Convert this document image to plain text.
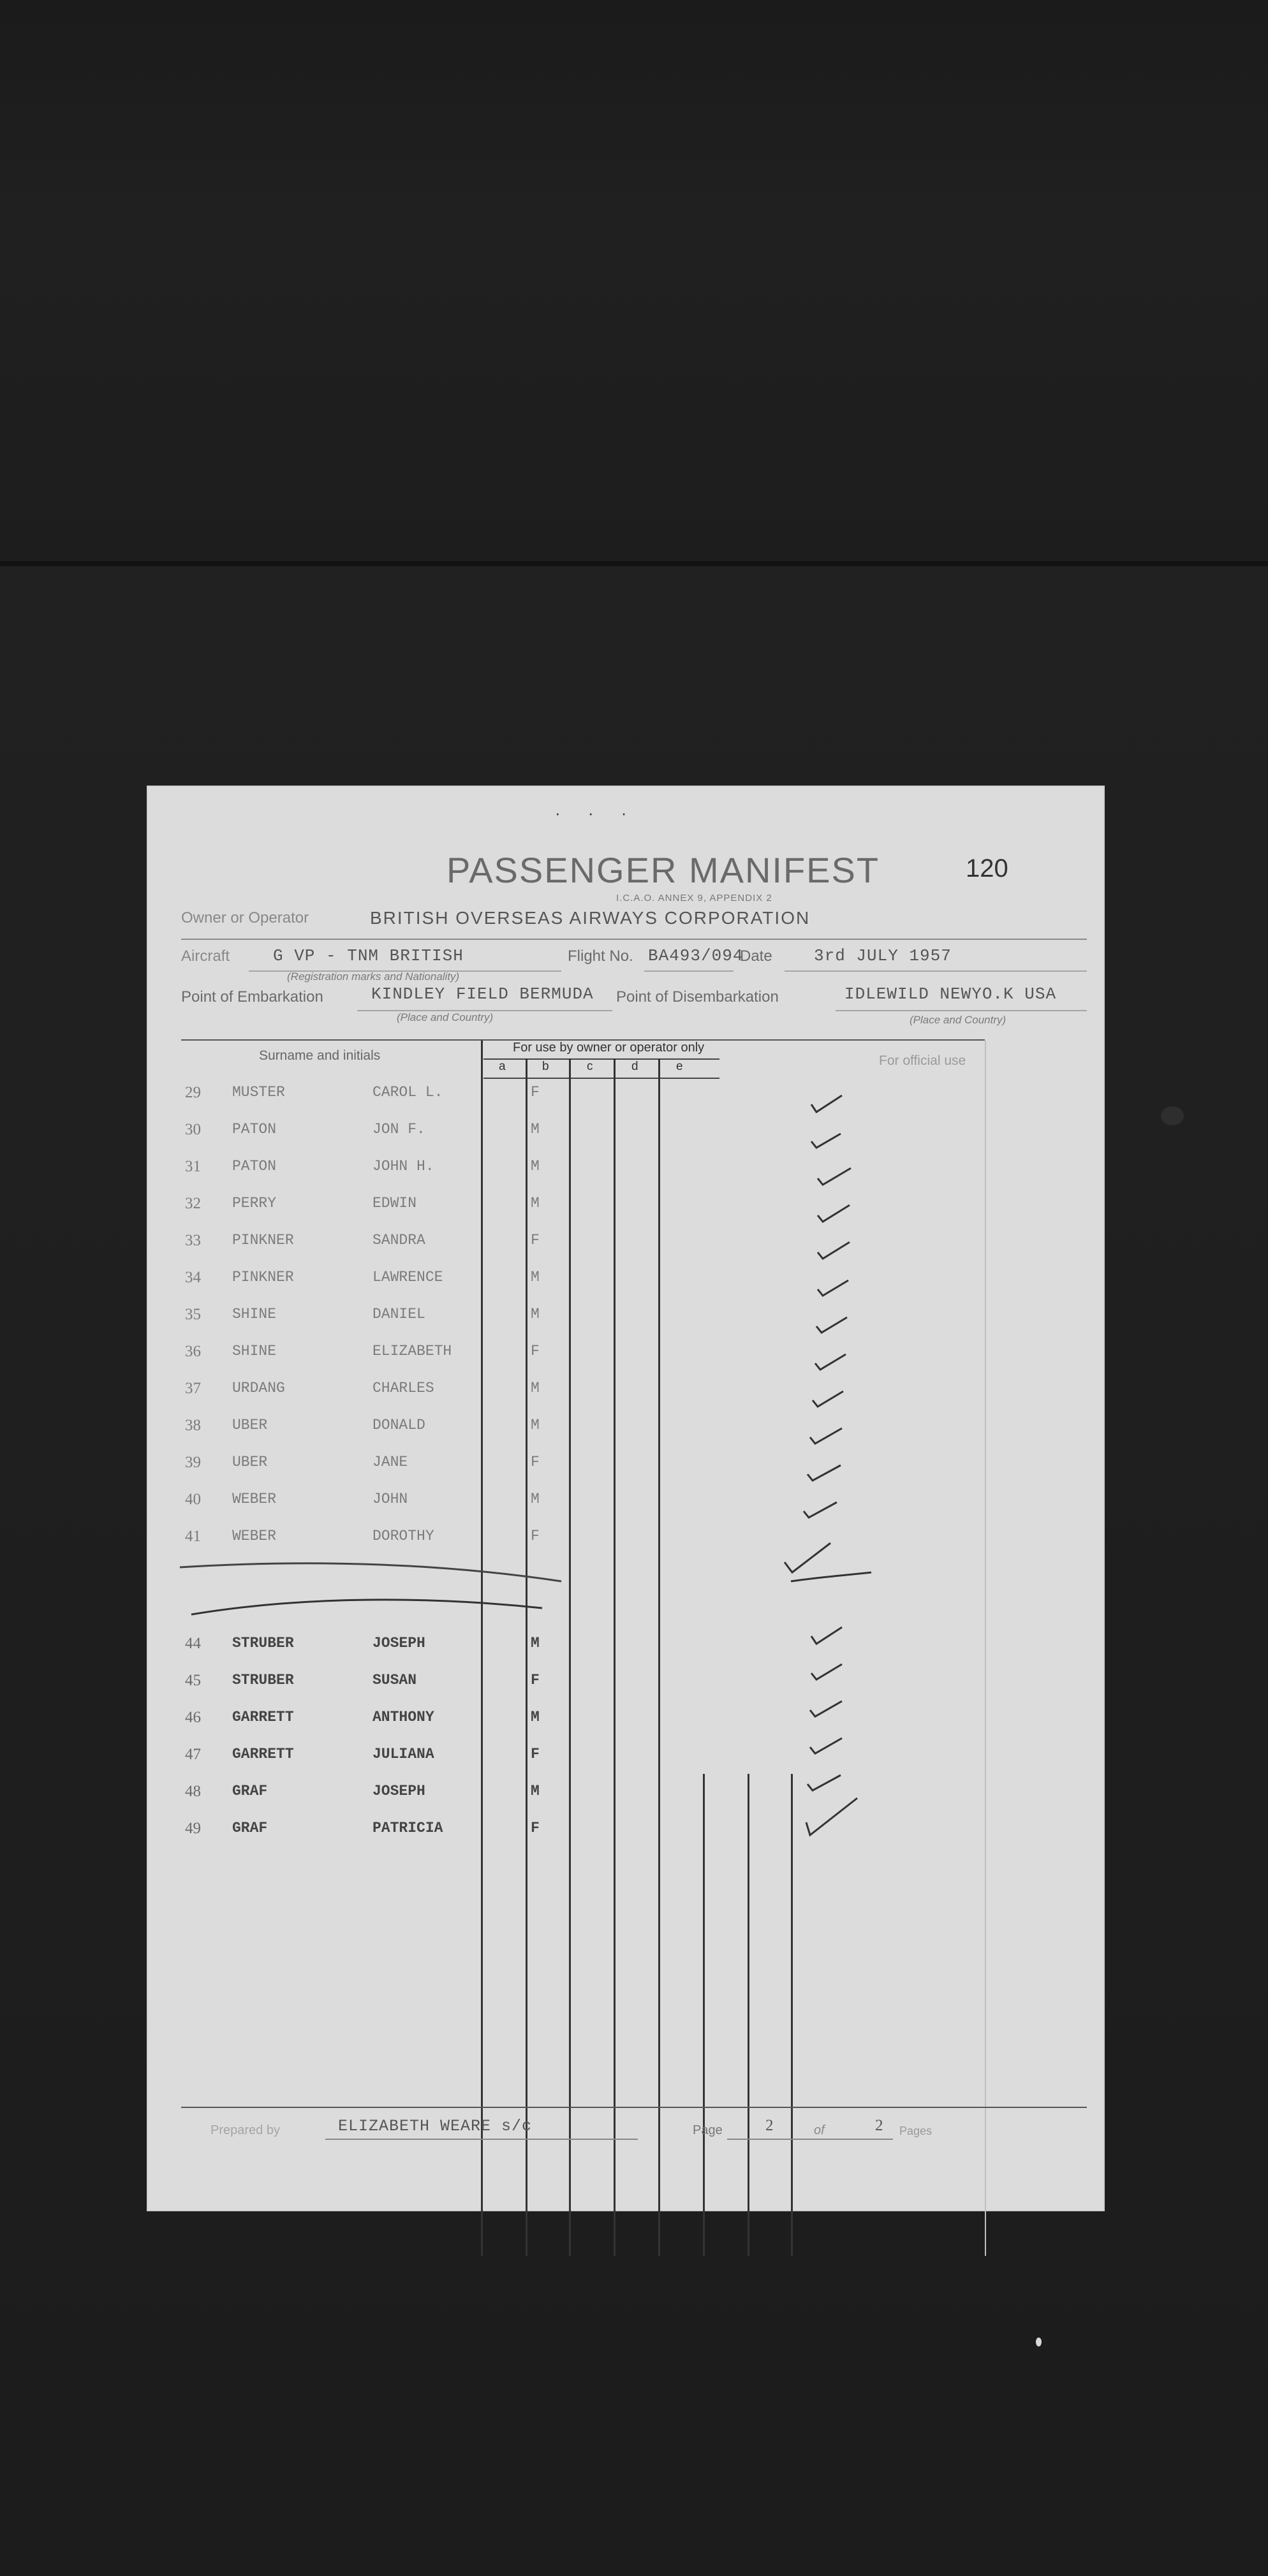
· · ·
PASSENGER MANIFEST
I.C.A.O. ANNEX 9, APPENDIX 2
120
Owner or Operator	BRITISH OVERSEAS AIRWAYS CORPORATION
Aircraft	G VP - TNM BRITISH
(Registration marks and Nationality)
Flight No. BA493/094
Date	3rd JULY 1957
Point of Embarkation	KINDLEY FIELD BERMUDA
(Place and Country)
Point of Disembarkation	IDLEWILD NEWYO.K USA
(Place and Country)
Surname and initials
For use by owner or operator only
For official use
a	b	c	d	e
29 MUSTER	CAROL L.	F
30 PATON	JON F.	M
31 PATON	JOHN H.	M
32 PERRY	EDWIN	M
33 PINKNER	SANDRA	F
34 PINKNER	LAWRENCE	M
35 SHINE	DANIEL	M
36 SHINE	ELIZABETH	F
37 URDANG	CHARLES	M
38 UBER	DONALD	M
39 UBER	JANE	F
40 WEBER	JOHN	M
41 WEBER	DOROTHY	F
44 STRUBER	JOSEPH	M
45 STRUBER	SUSAN	F
46 GARRETT	ANTHONY	M
47 GARRETT	JULIANA	F
48 GRAF	JOSEPH	M
49 GRAF	PATRICIA	F
Prepared by	ELIZABETH WEARE s/c	Page	2	of	2 Pages
